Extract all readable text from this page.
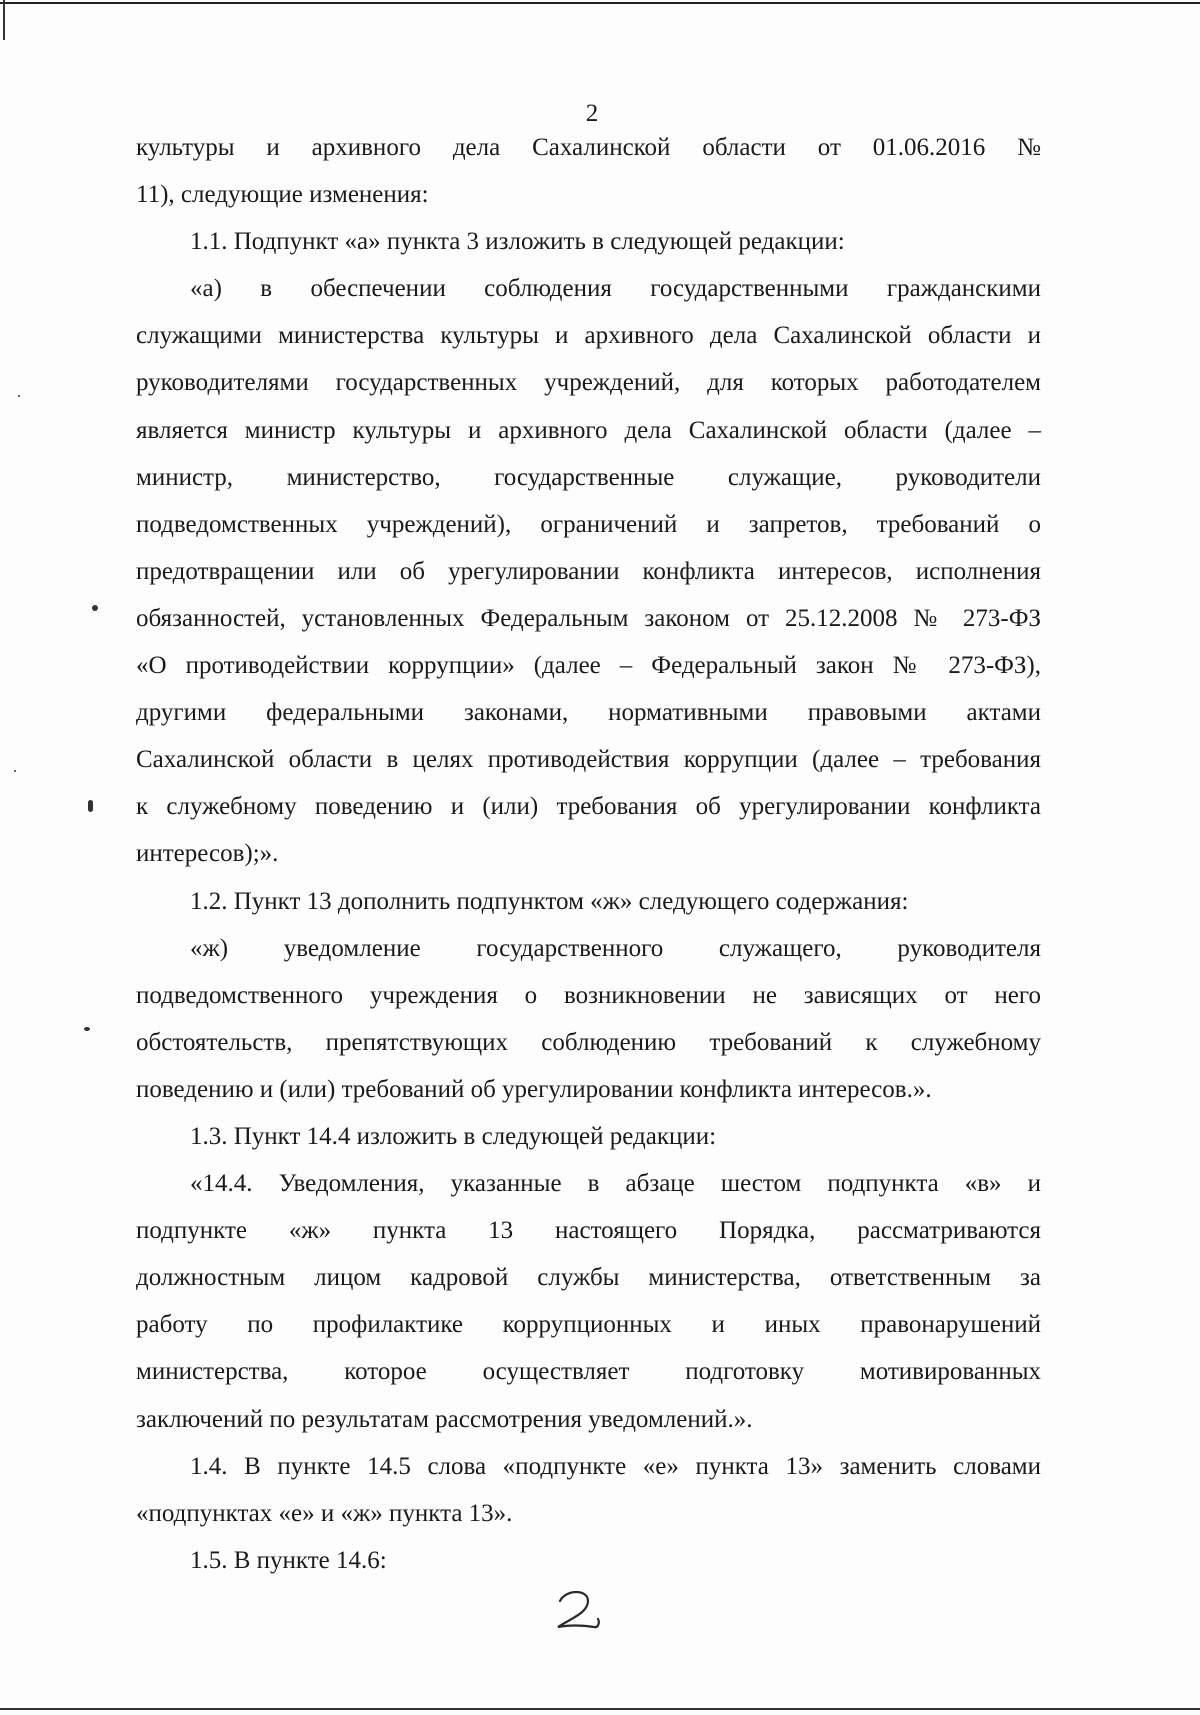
2
культуры и архивного дела Сахалинской области от 01.06.2016 №
11), следующие изменения:
1.1. Подпункт «а» пункта 3 изложить в следующей редакции:
«а) в обеспечении соблюдения государственными гражданскими
служащими министерства культуры и архивного дела Сахалинской области и
руководителями государственных учреждений, для которых работодателем
является министр культуры и архивного дела Сахалинской области (далее –
министр, министерство, государственные служащие, руководители
подведомственных учреждений), ограничений и запретов, требований о
предотвращении или об урегулировании конфликта интересов, исполнения
обязанностей, установленных Федеральным законом от 25.12.2008 № 273-ФЗ
«О противодействии коррупции» (далее – Федеральный закон № 273-ФЗ),
другими федеральными законами, нормативными правовыми актами
Сахалинской области в целях противодействия коррупции (далее – требования
к служебному поведению и (или) требования об урегулировании конфликта
интересов);».
1.2. Пункт 13 дополнить подпунктом «ж» следующего содержания:
«ж) уведомление государственного служащего, руководителя
подведомственного учреждения о возникновении не зависящих от него
обстоятельств, препятствующих соблюдению требований к служебному
поведению и (или) требований об урегулировании конфликта интересов.».
1.3. Пункт 14.4 изложить в следующей редакции:
«14.4. Уведомления, указанные в абзаце шестом подпункта «в» и
подпункте «ж» пункта 13 настоящего Порядка, рассматриваются
должностным лицом кадровой службы министерства, ответственным за
работу по профилактике коррупционных и иных правонарушений
министерства, которое осуществляет подготовку мотивированных
заключений по результатам рассмотрения уведомлений.».
1.4. В пункте 14.5 слова «подпункте «е» пункта 13» заменить словами
«подпунктах «е» и «ж» пункта 13».
1.5. В пункте 14.6:
